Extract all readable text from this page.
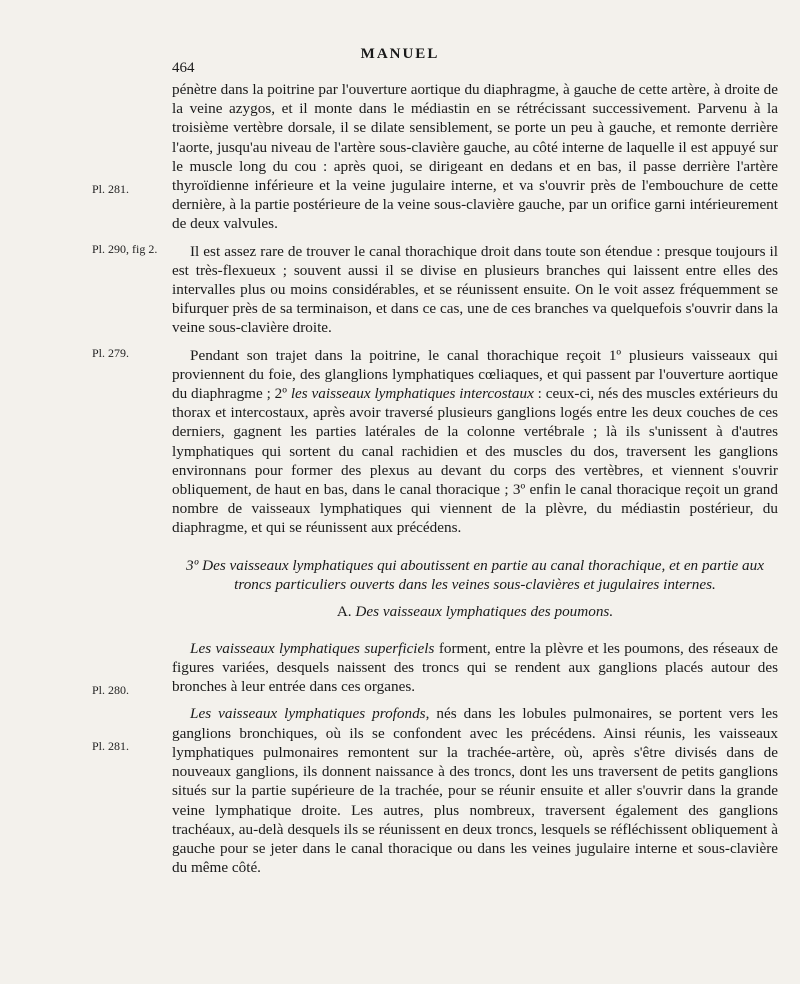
MANUEL
464
Pl. 281.
Pl. 290, fig 2.
Pl. 279.
Pl. 280.
Pl. 281.

pénètre dans la poitrine par l'ouverture aortique du diaphragme, à gauche de cette artère, à droite de la veine azygos, et il monte dans le médiastin en se rétrécissant successivement. Parvenu à la troisième vertèbre dorsale, il se dilate sensiblement, se porte un peu à gauche, et remonte derrière l'aorte, jusqu'au niveau de l'artère sous-clavière gauche, au côté interne de laquelle il est appuyé sur le muscle long du cou : après quoi, se dirigeant en dedans et en bas, il passe derrière l'artère thyroïdienne inférieure et la veine jugulaire interne, et va s'ouvrir près de l'embouchure de cette dernière, à la partie postérieure de la veine sous-clavière gauche, par un orifice garni intérieurement de deux valvules.

Il est assez rare de trouver le canal thorachique droit dans toute son étendue : presque toujours il est très-flexueux ; souvent aussi il se divise en plusieurs branches qui laissent entre elles des intervalles plus ou moins considérables, et se réunissent ensuite. On le voit assez fréquemment se bifurquer près de sa terminaison, et dans ce cas, une de ces branches va quelquefois s'ouvrir dans la veine sous-clavière droite.

Pendant son trajet dans la poitrine, le canal thorachique reçoit 1º plusieurs vaisseaux qui proviennent du foie, des glanglions lymphatiques cœliaques, et qui passent par l'ouverture aortique du diaphragme ; 2º les vaisseaux lymphatiques intercostaux : ceux-ci, nés des muscles extérieurs du thorax et intercostaux, après avoir traversé plusieurs ganglions logés entre les deux couches de ces derniers, gagnent les parties latérales de la colonne vertébrale ; là ils s'unissent à d'autres lymphatiques qui sortent du canal rachidien et des muscles du dos, traversent les ganglions environnans pour former des plexus au devant du corps des vertèbres, et viennent s'ouvrir obliquement, de haut en bas, dans le canal thoracique ; 3º enfin le canal thoracique reçoit un grand nombre de vaisseaux lymphatiques qui viennent de la plèvre, du médiastin postérieur, du diaphragme, et qui se réunissent aux précédens.

3º Des vaisseaux lymphatiques qui aboutissent en partie au canal thorachique, et en partie aux troncs particuliers ouverts dans les veines sous-clavières et jugulaires internes.

A. Des vaisseaux lymphatiques des poumons.

Les vaisseaux lymphatiques superficiels forment, entre la plèvre et les poumons, des réseaux de figures variées, desquels naissent des troncs qui se rendent aux ganglions placés autour des bronches à leur entrée dans ces organes.

Les vaisseaux lymphatiques profonds, nés dans les lobules pulmonaires, se portent vers les ganglions bronchiques, où ils se confondent avec les précédens. Ainsi réunis, les vaisseaux lymphatiques pulmonaires remontent sur la trachée-artère, où, après s'être divisés dans de nouveaux ganglions, ils donnent naissance à des troncs, dont les uns traversent de petits ganglions situés sur la partie supérieure de la trachée, pour se réunir ensuite et aller s'ouvrir dans la grande veine lymphatique droite. Les autres, plus nombreux, traversent également des ganglions trachéaux, au-delà desquels ils se réunissent en deux troncs, lesquels se réfléchissent obliquement à gauche pour se jeter dans le canal thoracique ou dans les veines jugulaire interne et sous-clavière du même côté.
